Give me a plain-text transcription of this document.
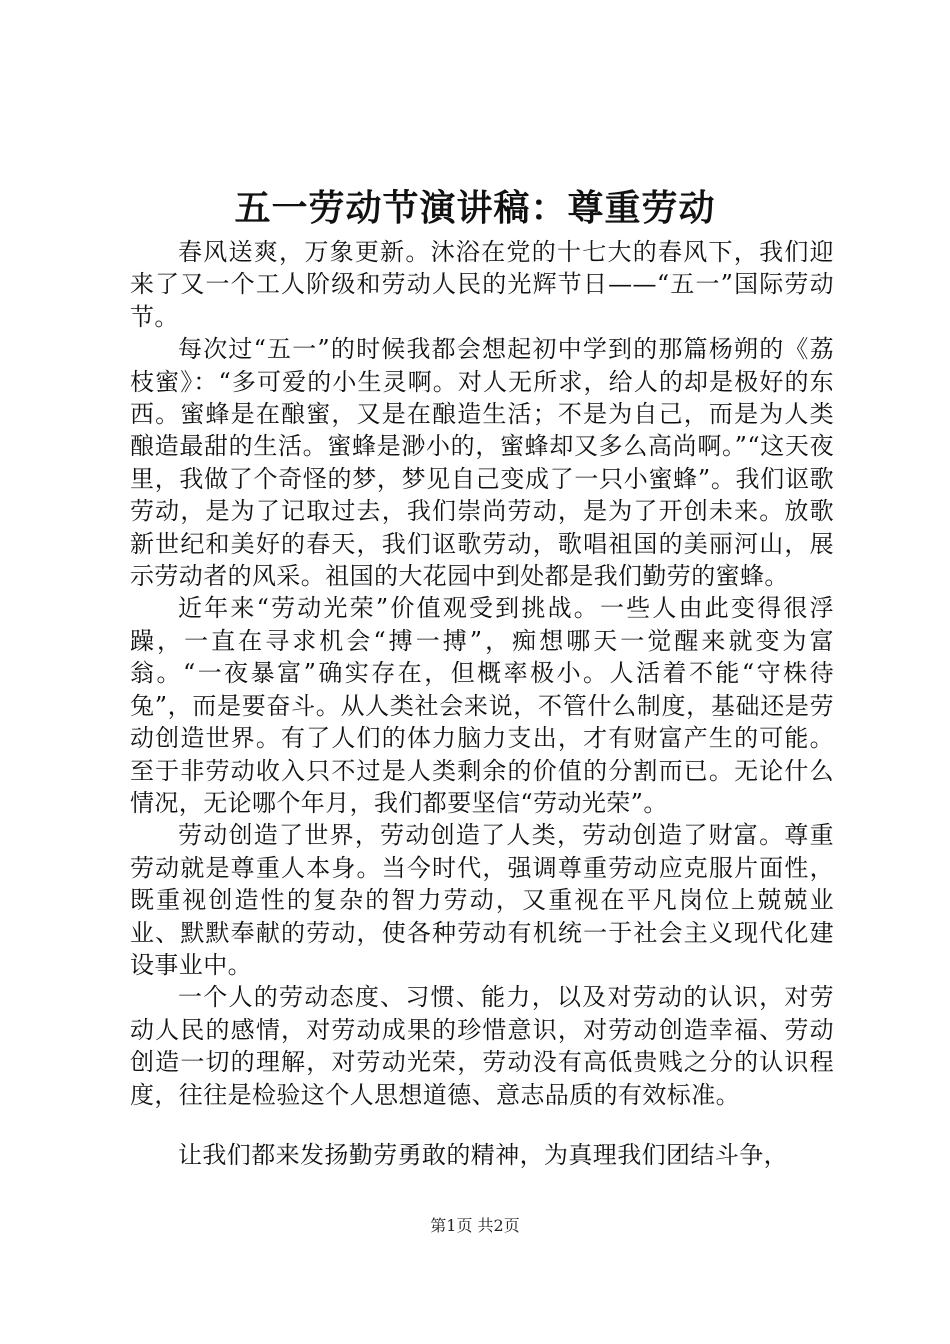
五一劳动节演讲稿：尊重劳动

春风送爽，万象更新。沐浴在党的十七大的春风下，我们迎来了又一个工人阶级和劳动人民的光辉节日——“五一”国际劳动节。

每次过“五一”的时候我都会想起初中学到的那篇杨朔的《荔枝蜜》：“多可爱的小生灵啊。对人无所求，给人的却是极好的东西。蜜蜂是在酿蜜，又是在酿造生活；不是为自己，而是为人类酿造最甜的生活。蜜蜂是渺小的，蜜蜂却又多么高尚啊。”“这天夜里，我做了个奇怪的梦，梦见自己变成了一只小蜜蜂”。我们讴歌劳动，是为了记取过去，我们崇尚劳动，是为了开创未来。放歌新世纪和美好的春天，我们讴歌劳动，歌唱祖国的美丽河山，展示劳动者的风采。祖国的大花园中到处都是我们勤劳的蜜蜂。

近年来“劳动光荣”价值观受到挑战。一些人由此变得很浮躁，一直在寻求机会“搏一搏”，痴想哪天一觉醒来就变为富翁。“一夜暴富”确实存在，但概率极小。人活着不能“守株待兔”，而是要奋斗。从人类社会来说，不管什么制度，基础还是劳动创造世界。有了人们的体力脑力支出，才有财富产生的可能。至于非劳动收入只不过是人类剩余的价值的分割而已。无论什么情况，无论哪个年月，我们都要坚信“劳动光荣”。

劳动创造了世界，劳动创造了人类，劳动创造了财富。尊重劳动就是尊重人本身。当今时代，强调尊重劳动应克服片面性，既重视创造性的复杂的智力劳动，又重视在平凡岗位上兢兢业业、默默奉献的劳动，使各种劳动有机统一于社会主义现代化建设事业中。

一个人的劳动态度、习惯、能力，以及对劳动的认识，对劳动人民的感情，对劳动成果的珍惜意识，对劳动创造幸福、劳动创造一切的理解，对劳动光荣，劳动没有高低贵贱之分的认识程度，往往是检验这个人思想道德、意志品质的有效标准。

让我们都来发扬勤劳勇敢的精神，为真理我们团结斗争，

第1页 共2页
